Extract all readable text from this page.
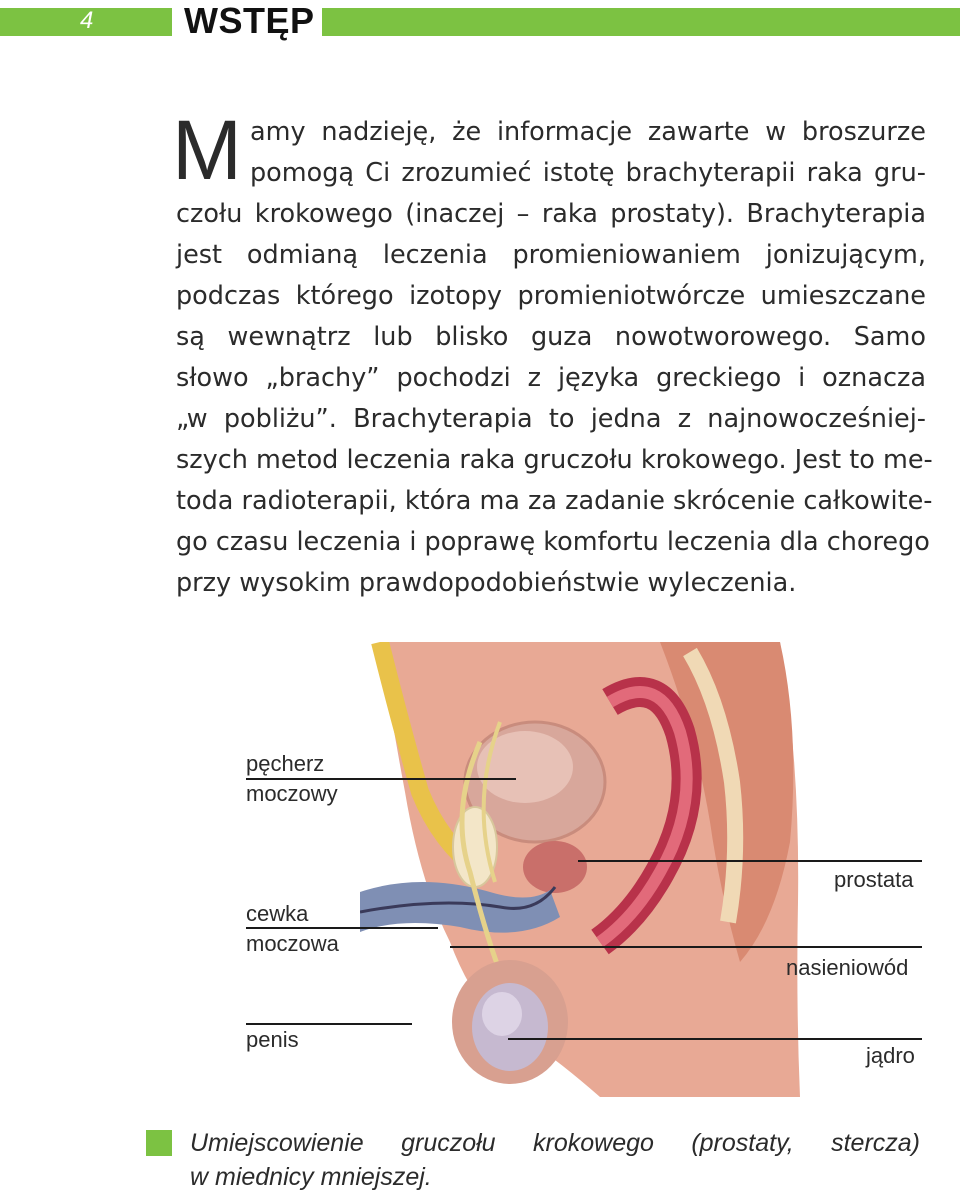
4	WSTĘP
M amy nadzieję, że informacje zawarte w broszurze
pomogą Ci zrozumieć istotę brachyterapii raka gru-
czołu krokowego (inaczej – raka prostaty). Brachyterapia
jest odmianą leczenia promieniowaniem jonizującym,
podczas którego izotopy promieniotwórcze umieszczane
są wewnątrz lub blisko guza nowotworowego. Samo
słowo „brachy” pochodzi z języka greckiego i oznacza
„w pobliżu”. Brachyterapia to jedna z najnowocześniej-
szych metod leczenia raka gruczołu krokowego. Jest to me-
toda radioterapii, która ma za zadanie skrócenie całkowite-
go czasu leczenia i poprawę komfortu leczenia dla chorego
przy wysokim prawdopodobieństwie wyleczenia.
pęcherz
moczowy
prostata
cewka
moczowa
nasieniowód
penis
jądro
Umiejscowienie gruczołu krokowego (prostaty, stercza)
w miednicy mniejszej.
